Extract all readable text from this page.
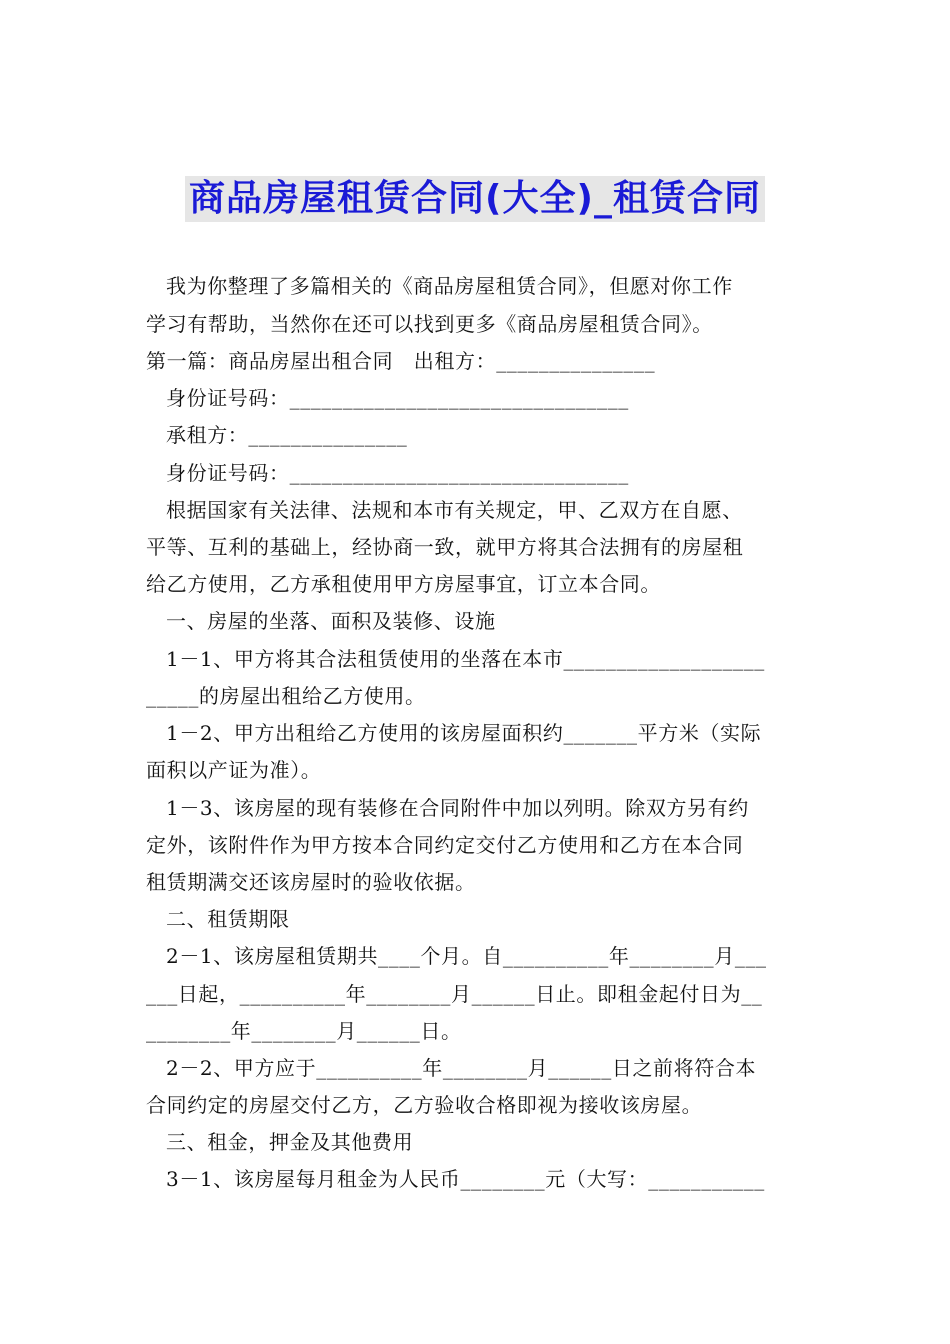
商品房屋租赁合同(大全)_租赁合同
我为你整理了多篇相关的《商品房屋租赁合同》，但愿对你工作
学习有帮助，当然你在还可以找到更多《商品房屋租赁合同》。
第一篇：商品房屋出租合同　出租方：_______________
身份证号码：________________________________
承租方：_______________
身份证号码：________________________________
根据国家有关法律、法规和本市有关规定，甲、乙双方在自愿、
平等、互利的基础上，经协商一致，就甲方将其合法拥有的房屋租
给乙方使用，乙方承租使用甲方房屋事宜，订立本合同。
一、房屋的坐落、面积及装修、设施
1－1、甲方将其合法租赁使用的坐落在本市___________________
_____的房屋出租给乙方使用。
1－2、甲方出租给乙方使用的该房屋面积约_______平方米（实际
面积以产证为准）。
1－3、该房屋的现有装修在合同附件中加以列明。除双方另有约
定外，该附件作为甲方按本合同约定交付乙方使用和乙方在本合同
租赁期满交还该房屋时的验收依据。
二、租赁期限
2－1、该房屋租赁期共____个月。自__________年________月___
___日起，__________年________月______日止。即租金起付日为__
________年________月______日。
2－2、甲方应于__________年________月______日之前将符合本
合同约定的房屋交付乙方，乙方验收合格即视为接收该房屋。
三、租金，押金及其他费用
3－1、该房屋每月租金为人民币________元（大写：___________
